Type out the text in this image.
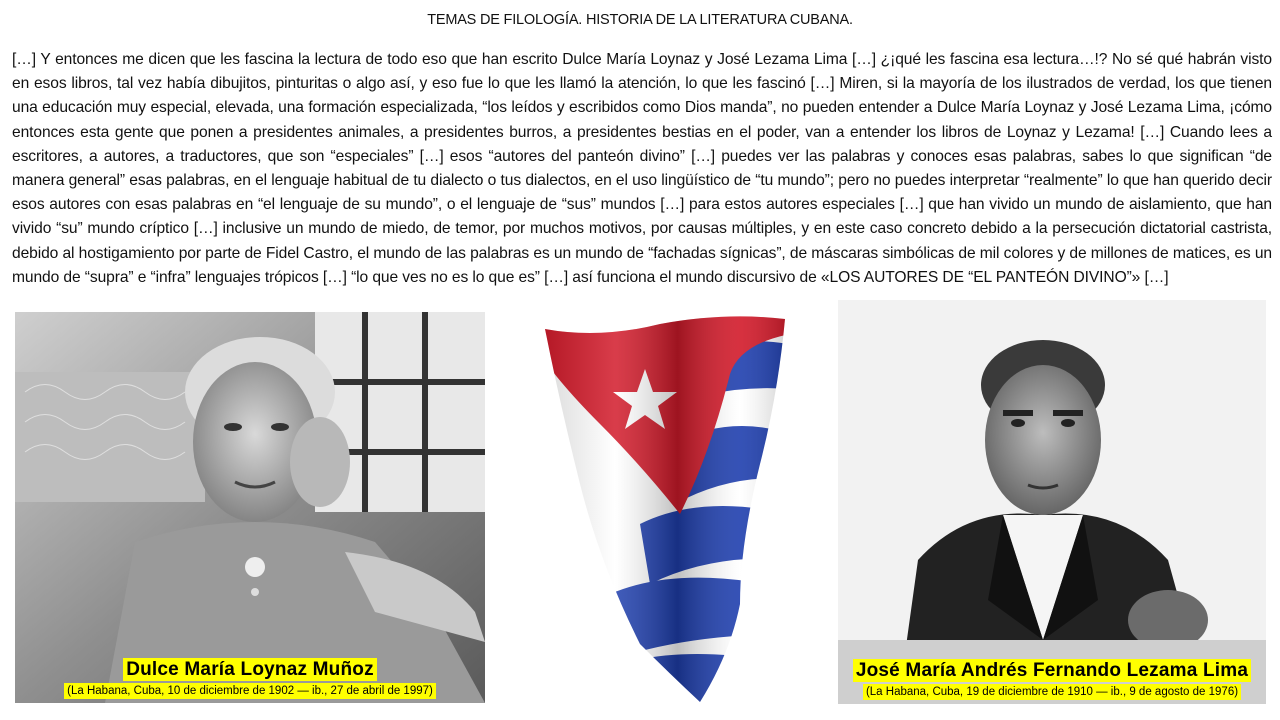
TEMAS DE FILOLOGÍA. HISTORIA DE LA LITERATURA CUBANA.
[…] Y entonces me dicen que les fascina la lectura de todo eso que han escrito Dulce María Loynaz y José Lezama Lima […] ¿¡qué les fascina esa lectura…!? No sé qué habrán visto en esos libros, tal vez había dibujitos, pinturitas o algo así, y eso fue lo que les llamó la atención, lo que les fascinó […] Miren, si la mayoría de los ilustrados de verdad, los que tienen una educación muy especial, elevada, una formación especializada, “los leídos y escribidos como Dios manda”, no pueden entender a Dulce María Loynaz y José Lezama Lima, ¡cómo entonces esta gente que ponen a presidentes animales, a presidentes burros, a presidentes bestias en el poder, van a entender los libros de Loynaz y Lezama! […] Cuando lees a escritores, a autores, a traductores, que son “especiales” […] esos “autores del panteón divino” […] puedes ver las palabras y conoces esas palabras, sabes lo que significan “de manera general” esas palabras, en el lenguaje habitual de tu dialecto o tus dialectos, en el uso lingüístico de “tu mundo”; pero no puedes interpretar “realmente” lo que han querido decir esos autores con esas palabras en “el lenguaje de su mundo”, o el lenguaje de “sus” mundos […] para estos autores especiales […] que han vivido un mundo de aislamiento, que han vivido “su” mundo críptico […] inclusive un mundo de miedo, de temor, por muchos motivos, por causas múltiples, y en este caso concreto debido a la persecución dictatorial castrista, debido al hostigamiento por parte de Fidel Castro, el mundo de las palabras es un mundo de “fachadas sígnicas”, de máscaras simbólicas de mil colores y de millones de matices, es un mundo de “supra” e “infra” lenguajes trópicos […] “lo que ves no es lo que es” […] así funciona el mundo discursivo de «LOS AUTORES DE “EL PANTEÓN DIVINO”» […]
Dulce María Loynaz Muñoz
(La Habana, Cuba, 10 de diciembre de 1902 — ib., 27 de abril de 1997)
José María Andrés Fernando Lezama Lima
(La Habana, Cuba, 19 de diciembre de 1910 — ib., 9 de agosto de 1976)
